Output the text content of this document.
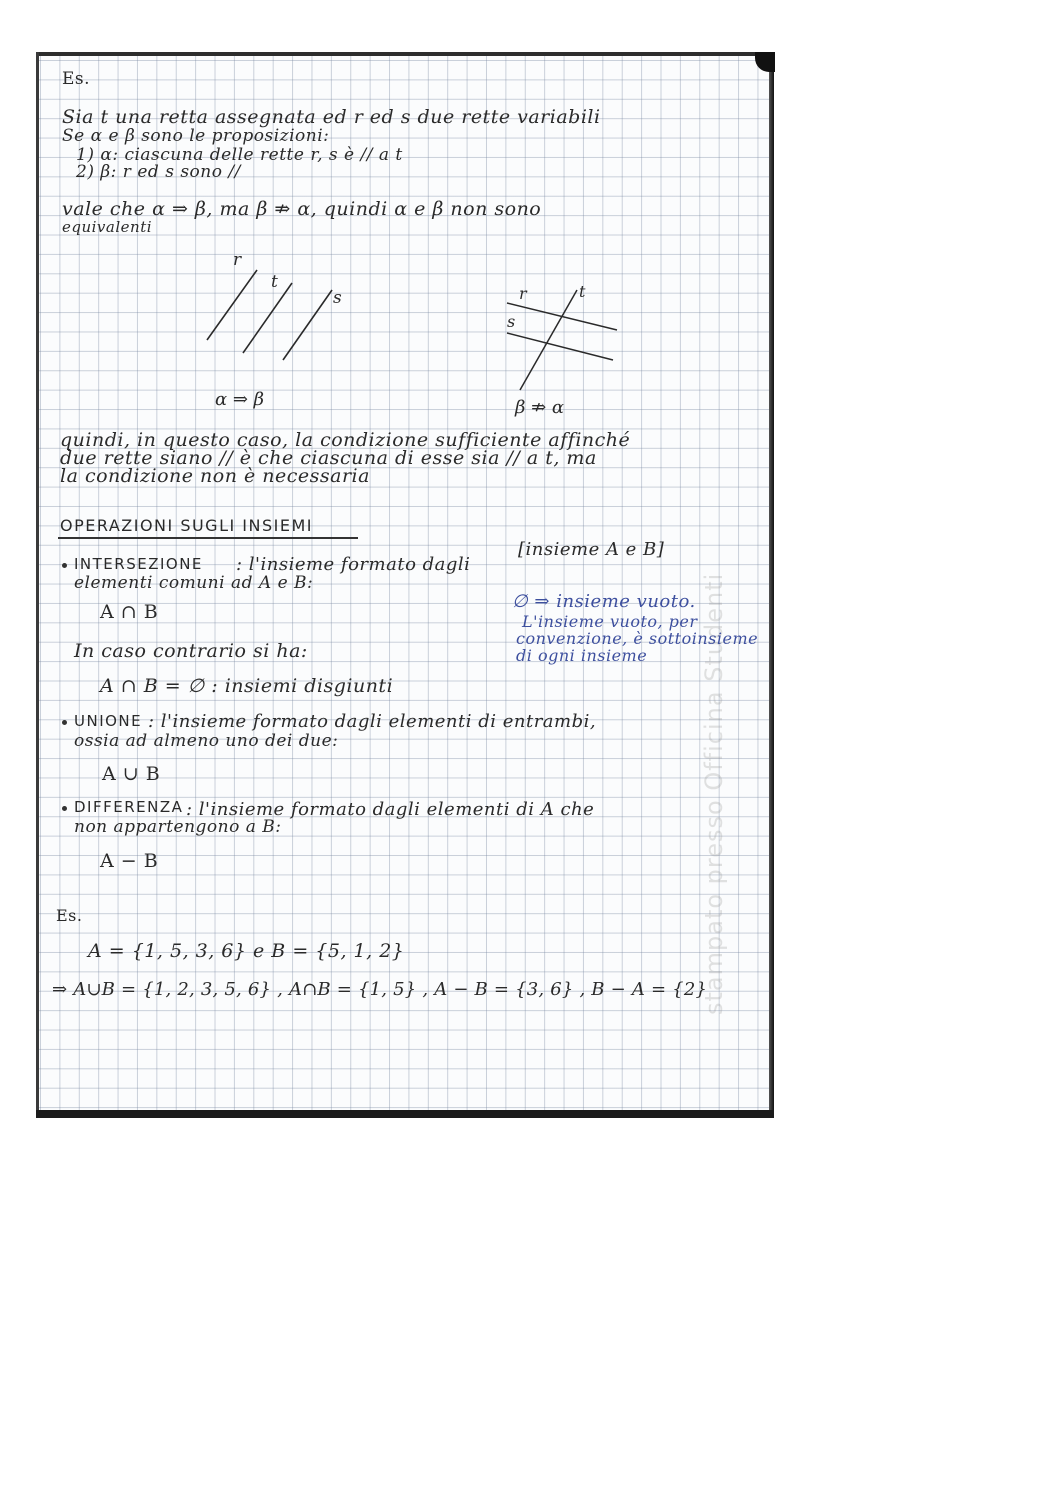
stampato presso Officina Studenti
Es.
Sia t una retta assegnata ed r ed s due rette variabili
Se α e β sono le proposizioni:
1) α: ciascuna delle rette r, s è // a t
2) β: r ed s sono //
vale che α ⇒ β, ma β ⇏ α, quindi α e β non sono
equivalenti
r
t
s
α ⇒ β
r
s
t
β ⇏ α
quindi, in questo caso, la condizione sufficiente affinché
due rette siano // è che ciascuna di esse sia // a t, ma
la condizione non è necessaria
OPERAZIONI SUGLI INSIEMI
[insieme A e B]
INTERSEZIONE : l'insieme formato dagli
elementi comuni ad A e B:
A ∩ B
In caso contrario si ha:
A ∩ B = ∅ : insiemi disgiunti
∅ ⇒ insieme vuoto.
L'insieme vuoto, per
convenzione, è sottoinsieme
di ogni insieme
UNIONE : l'insieme formato dagli elementi di entrambi,
ossia ad almeno uno dei due:
A ∪ B
DIFFERENZA : l'insieme formato dagli elementi di A che
non appartengono a B:
A − B
Es.
A = {1, 5, 3, 6} e B = {5, 1, 2}
⇒ A∪B = {1, 2, 3, 5, 6} , A∩B = {1, 5} , A − B = {3, 6} , B − A = {2}
